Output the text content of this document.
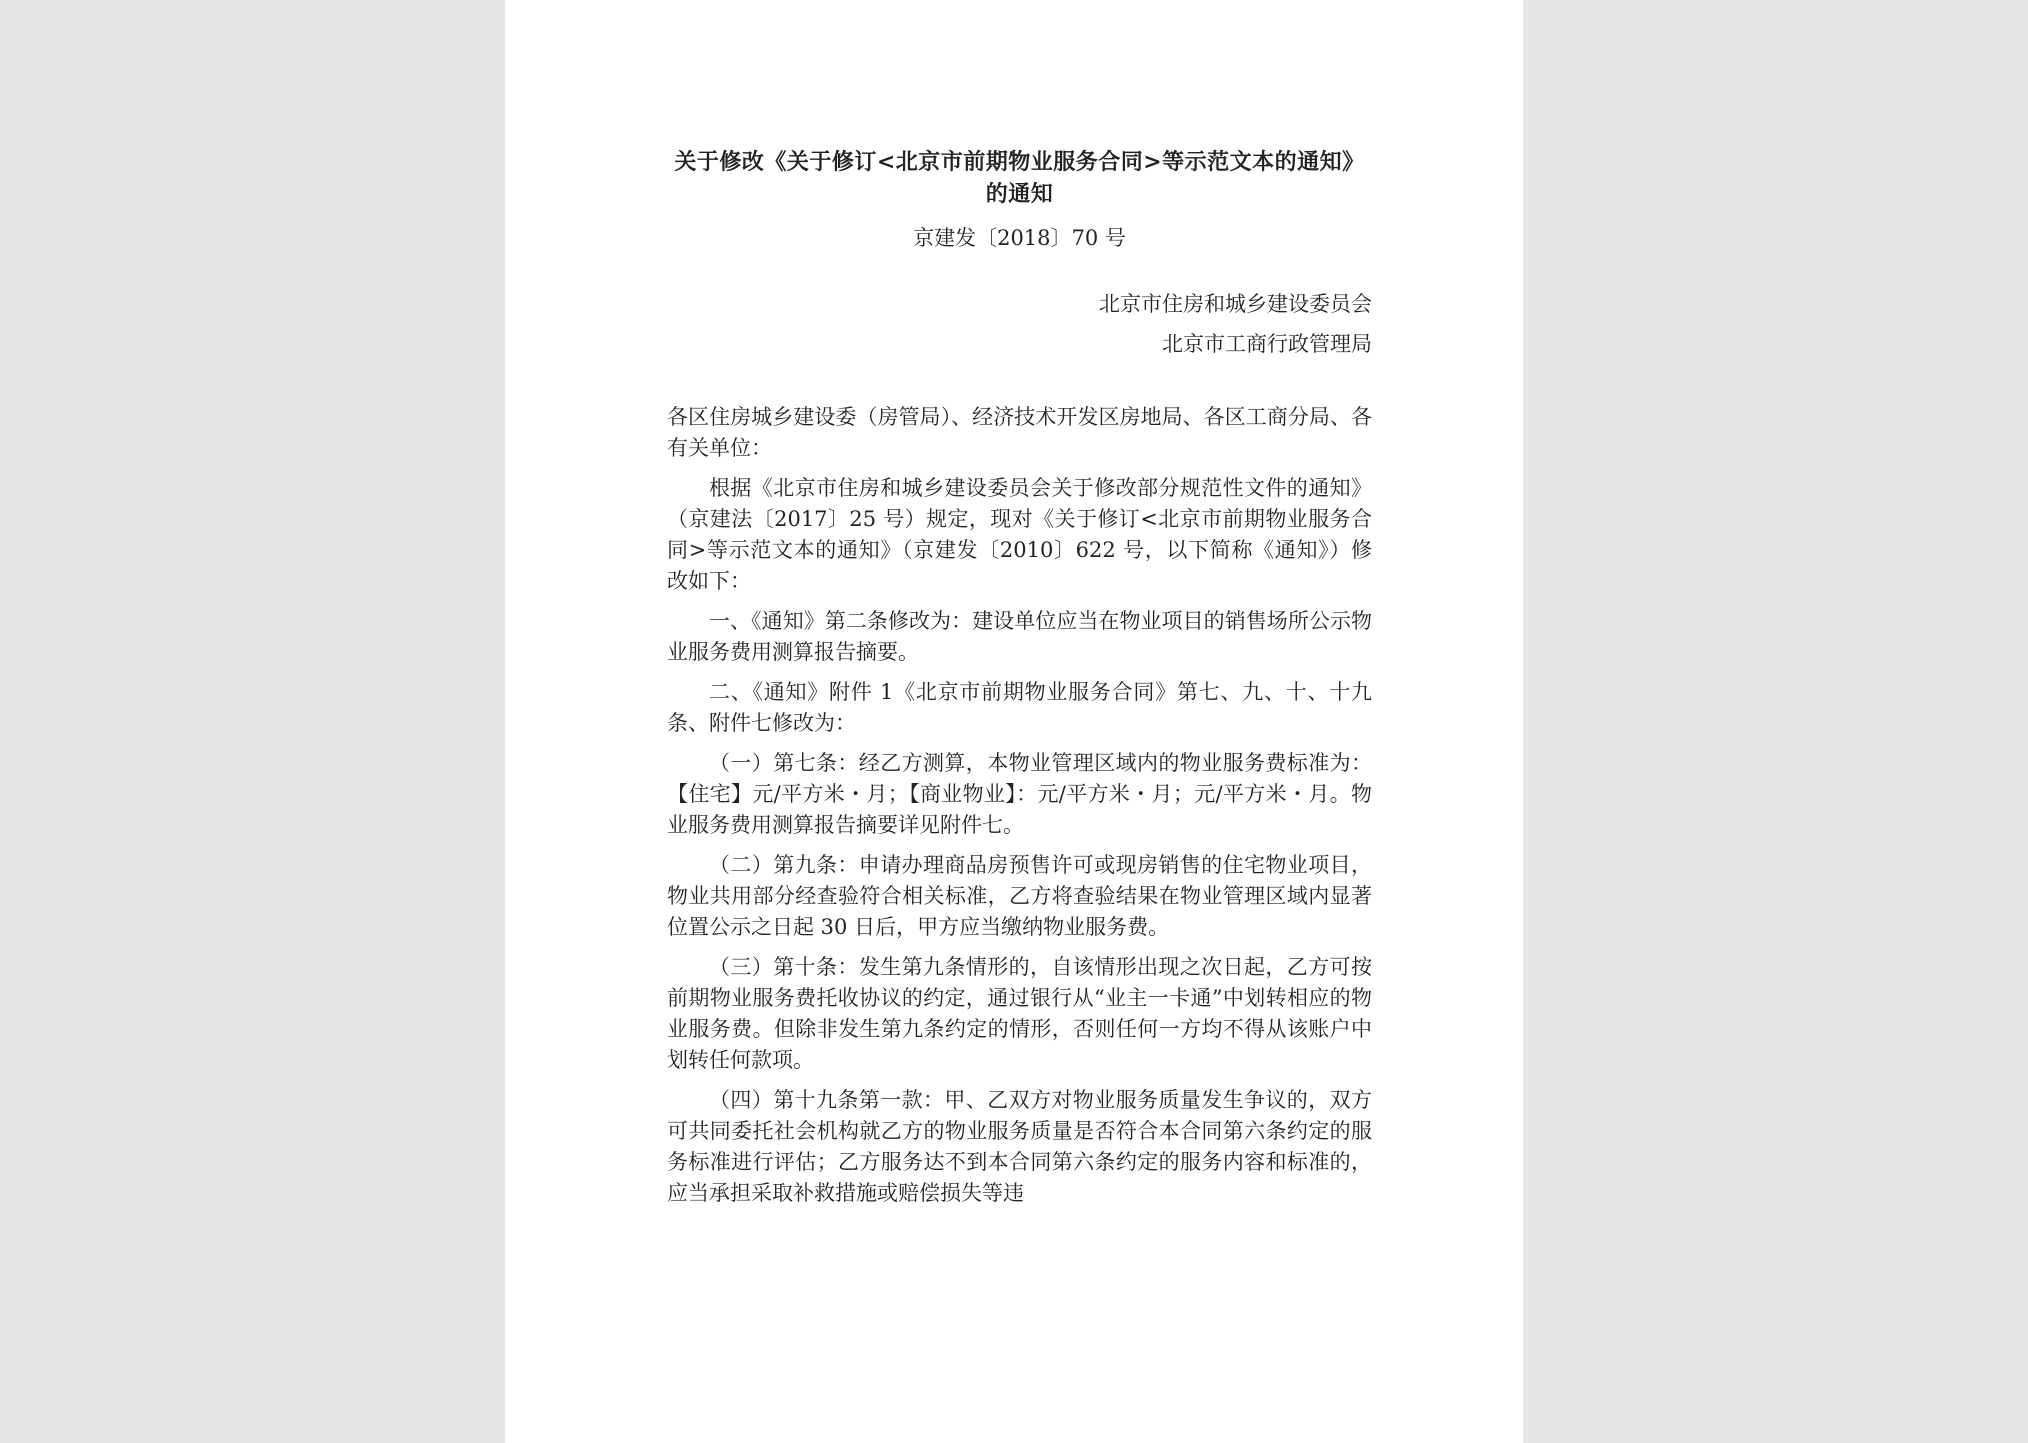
关于修改《关于修订<北京市前期物业服务合同>等示范文本的通知》的通知

京建发〔2018〕70 号

北京市住房和城乡建设委员会
北京市工商行政管理局

各区住房城乡建设委（房管局）、经济技术开发区房地局、各区工商分局、各有关单位：

根据《北京市住房和城乡建设委员会关于修改部分规范性文件的通知》（京建法〔2017〕25 号）规定，现对《关于修订<北京市前期物业服务合同>等示范文本的通知》（京建发〔2010〕622 号，以下简称《通知》）修改如下：

一、《通知》第二条修改为：建设单位应当在物业项目的销售场所公示物业服务费用测算报告摘要。

二、《通知》附件 1《北京市前期物业服务合同》第七、九、十、十九条、附件七修改为：

（一）第七条：经乙方测算，本物业管理区域内的物业服务费标准为：【住宅】元/平方米・月；【商业物业】：元/平方米・月；元/平方米・月。物业服务费用测算报告摘要详见附件七。

（二）第九条：申请办理商品房预售许可或现房销售的住宅物业项目，物业共用部分经查验符合相关标准，乙方将查验结果在物业管理区域内显著位置公示之日起 30 日后，甲方应当缴纳物业服务费。

（三）第十条：发生第九条情形的，自该情形出现之次日起，乙方可按前期物业服务费托收协议的约定，通过银行从“业主一卡通”中划转相应的物业服务费。但除非发生第九条约定的情形，否则任何一方均不得从该账户中划转任何款项。

（四）第十九条第一款：甲、乙双方对物业服务质量发生争议的，双方可共同委托社会机构就乙方的物业服务质量是否符合本合同第六条约定的服务标准进行评估；乙方服务达不到本合同第六条约定的服务内容和标准的，应当承担采取补救措施或赔偿损失等违
